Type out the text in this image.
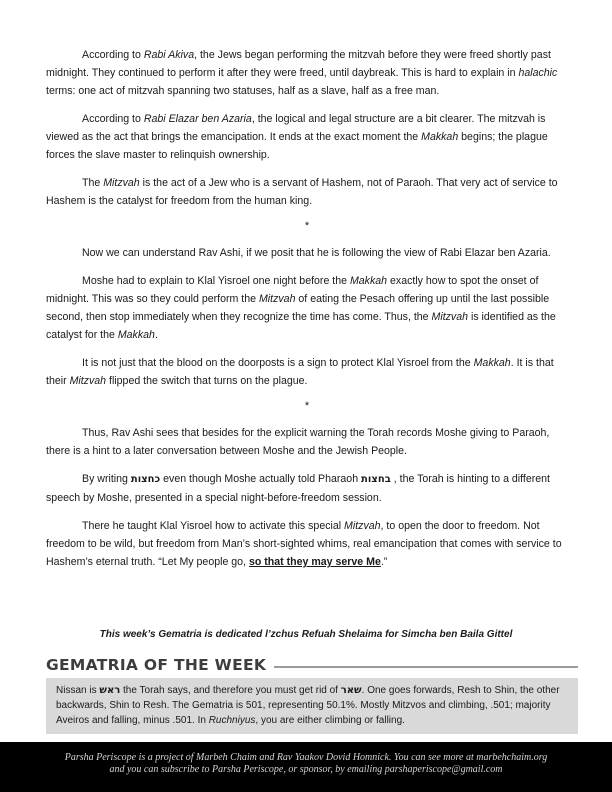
According to Rabi Akiva, the Jews began performing the mitzvah before they were freed shortly past midnight. They continued to perform it after they were freed, until daybreak. This is hard to explain in halachic terms: one act of mitzvah spanning two statuses, half as a slave, half as a free man.

According to Rabi Elazar ben Azaria, the logical and legal structure are a bit clearer. The mitzvah is viewed as the act that brings the emancipation. It ends at the exact moment the Makkah begins; the plague forces the slave master to relinquish ownership.

The Mitzvah is the act of a Jew who is a servant of Hashem, not of Paraoh. That very act of service to Hashem is the catalyst for freedom from the human king.

*

Now we can understand Rav Ashi, if we posit that he is following the view of Rabi Elazar ben Azaria.

Moshe had to explain to Klal Yisroel one night before the Makkah exactly how to spot the onset of midnight. This was so they could perform the Mitzvah of eating the Pesach offering up until the last possible second, then stop immediately when they recognize the time has come. Thus, the Mitzvah is identified as the catalyst for the Makkah.

It is not just that the blood on the doorposts is a sign to protect Klal Yisroel from the Makkah. It is that their Mitzvah flipped the switch that turns on the plague.

*

Thus, Rav Ashi sees that besides for the explicit warning the Torah records Moshe giving to Paraoh, there is a hint to a later conversation between Moshe and the Jewish People.

By writing כחצות even though Moshe actually told Pharaoh בחצות , the Torah is hinting to a different speech by Moshe, presented in a special night-before-freedom session.

There he taught Klal Yisroel how to activate this special Mitzvah, to open the door to freedom. Not freedom to be wild, but freedom from Man’s short-sighted whims, real emancipation that comes with service to Hashem’s eternal truth. “Let My people go, so that they may serve Me.”

This week’s Gematria is dedicated l’zchus Refuah Shelaima for Simcha ben Baila Gittel
GEMATRIA OF THE WEEK
Nissan is ראש the Torah says, and therefore you must get rid of שאר. One goes forwards, Resh to Shin, the other backwards, Shin to Resh. The Gematria is 501, representing 50.1%. Mostly Mitzvos and climbing, .501; majority Aveiros and falling, minus .501. In Ruchniyus, you are either climbing or falling.
Parsha Periscope is a project of Marbeh Chaim and Rav Yaakov Dovid Homnick. You can see more at marbehchaim.org
and you can subscribe to Parsha Periscope, or sponsor, by emailing parshaperiscope@gmail.com
